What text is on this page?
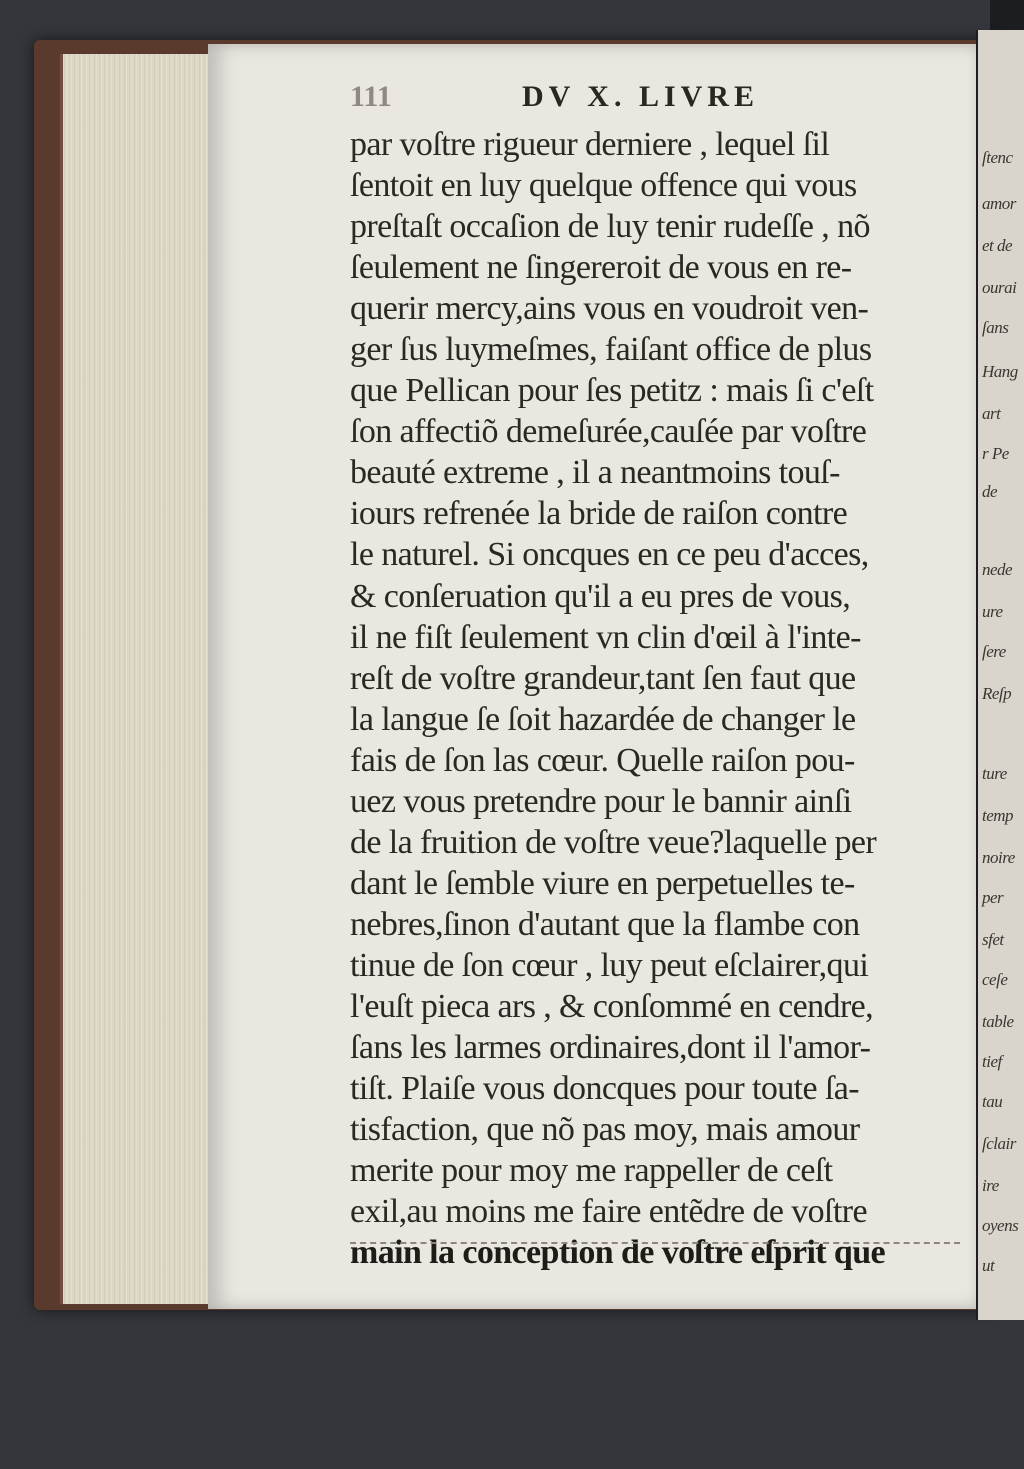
ſtenc
amor
et de
ourai
ſans
Hang
art
r Pe
de
nede
ure
ſere
Reſp
ture
temp
noire
per
sfet
ceſe
table
tief
tau
ſclair
ire
oyens
ut
111	DV X. LIVRE
par voſtre rigueur derniere , lequel ſil
ſentoit en luy quelque offence qui vous
preſtaſt occaſion de luy tenir rudeſſe , nõ
ſeulement ne ſingereroit de vous en re-
querir mercy,ains vous en voudroit ven-
ger ſus luymeſmes, faiſant office de plus
que Pellican pour ſes petitz : mais ſi c'eſt
ſon affectiõ demeſurée,cauſée par voſtre
beauté extreme , il a neantmoins touſ-
iours refrenée la bride de raiſon contre
le naturel. Si oncques en ce peu d'acces,
& conſeruation qu'il a eu pres de vous,
il ne fiſt ſeulement vn clin d'œil à l'inte-
reſt de voſtre grandeur,tant ſen faut que
la langue ſe ſoit hazardée de changer le
fais de ſon las cœur. Quelle raiſon pou-
uez vous pretendre pour le bannir ainſi
de la fruition de voſtre veue?laquelle per
dant le ſemble viure en perpetuelles te-
nebres,ſinon d'autant que la flambe con
tinue de ſon cœur , luy peut eſclairer,qui
l'euſt pieca ars , & conſommé en cendre,
ſans les larmes ordinaires,dont il l'amor-
tiſt. Plaiſe vous doncques pour toute ſa-
tisfaction, que nõ pas moy, mais amour
merite pour moy me rappeller de ceſt
exil,au moins me faire entẽdre de voſtre
main la conception de voſtre eſprit que
